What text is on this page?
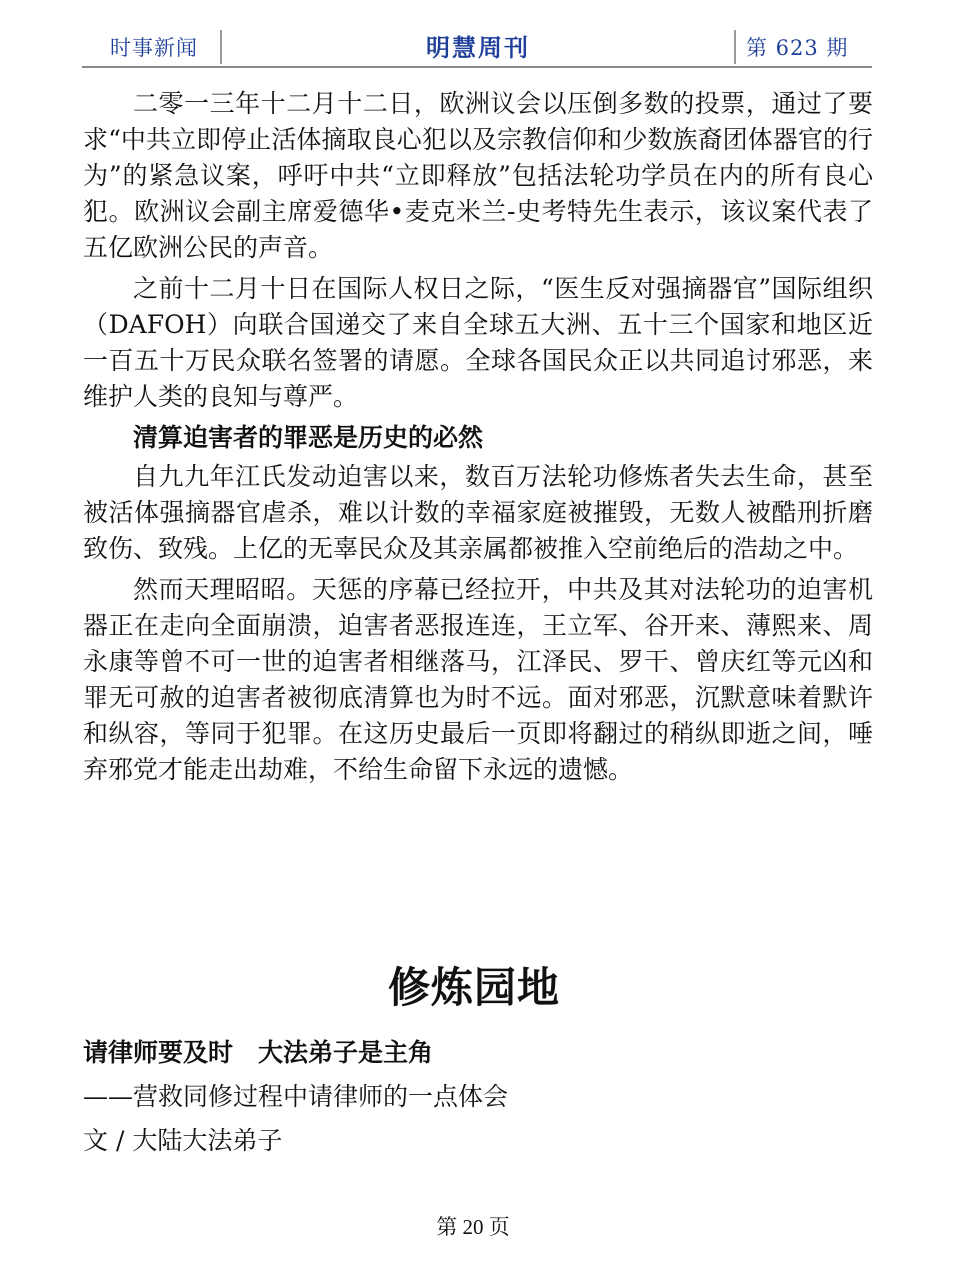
时事新闻	明慧周刊	第 623 期

二零一三年十二月十二日，欧洲议会以压倒多数的投票，通过了要求“中共立即停止活体摘取良心犯以及宗教信仰和少数族裔团体器官的行为”的紧急议案，呼吁中共“立即释放”包括法轮功学员在内的所有良心犯。欧洲议会副主席爱德华•麦克米兰-史考特先生表示，该议案代表了五亿欧洲公民的声音。

之前十二月十日在国际人权日之际，“医生反对强摘器官”国际组织（DAFOH）向联合国递交了来自全球五大洲、五十三个国家和地区近一百五十万民众联名签署的请愿。全球各国民众正以共同追讨邪恶，来维护人类的良知与尊严。

清算迫害者的罪恶是历史的必然

自九九年江氏发动迫害以来，数百万法轮功修炼者失去生命，甚至被活体强摘器官虐杀，难以计数的幸福家庭被摧毁，无数人被酷刑折磨致伤、致残。上亿的无辜民众及其亲属都被推入空前绝后的浩劫之中。

然而天理昭昭。天惩的序幕已经拉开，中共及其对法轮功的迫害机器正在走向全面崩溃，迫害者恶报连连，王立军、谷开来、薄熙来、周永康等曾不可一世的迫害者相继落马，江泽民、罗干、曾庆红等元凶和罪无可赦的迫害者被彻底清算也为时不远。面对邪恶，沉默意味着默许和纵容，等同于犯罪。在这历史最后一页即将翻过的稍纵即逝之间，唾弃邪党才能走出劫难，不给生命留下永远的遗憾。

修炼园地
请律师要及时　大法弟子是主角
——营救同修过程中请律师的一点体会
文 / 大陆大法弟子
第 20 页
